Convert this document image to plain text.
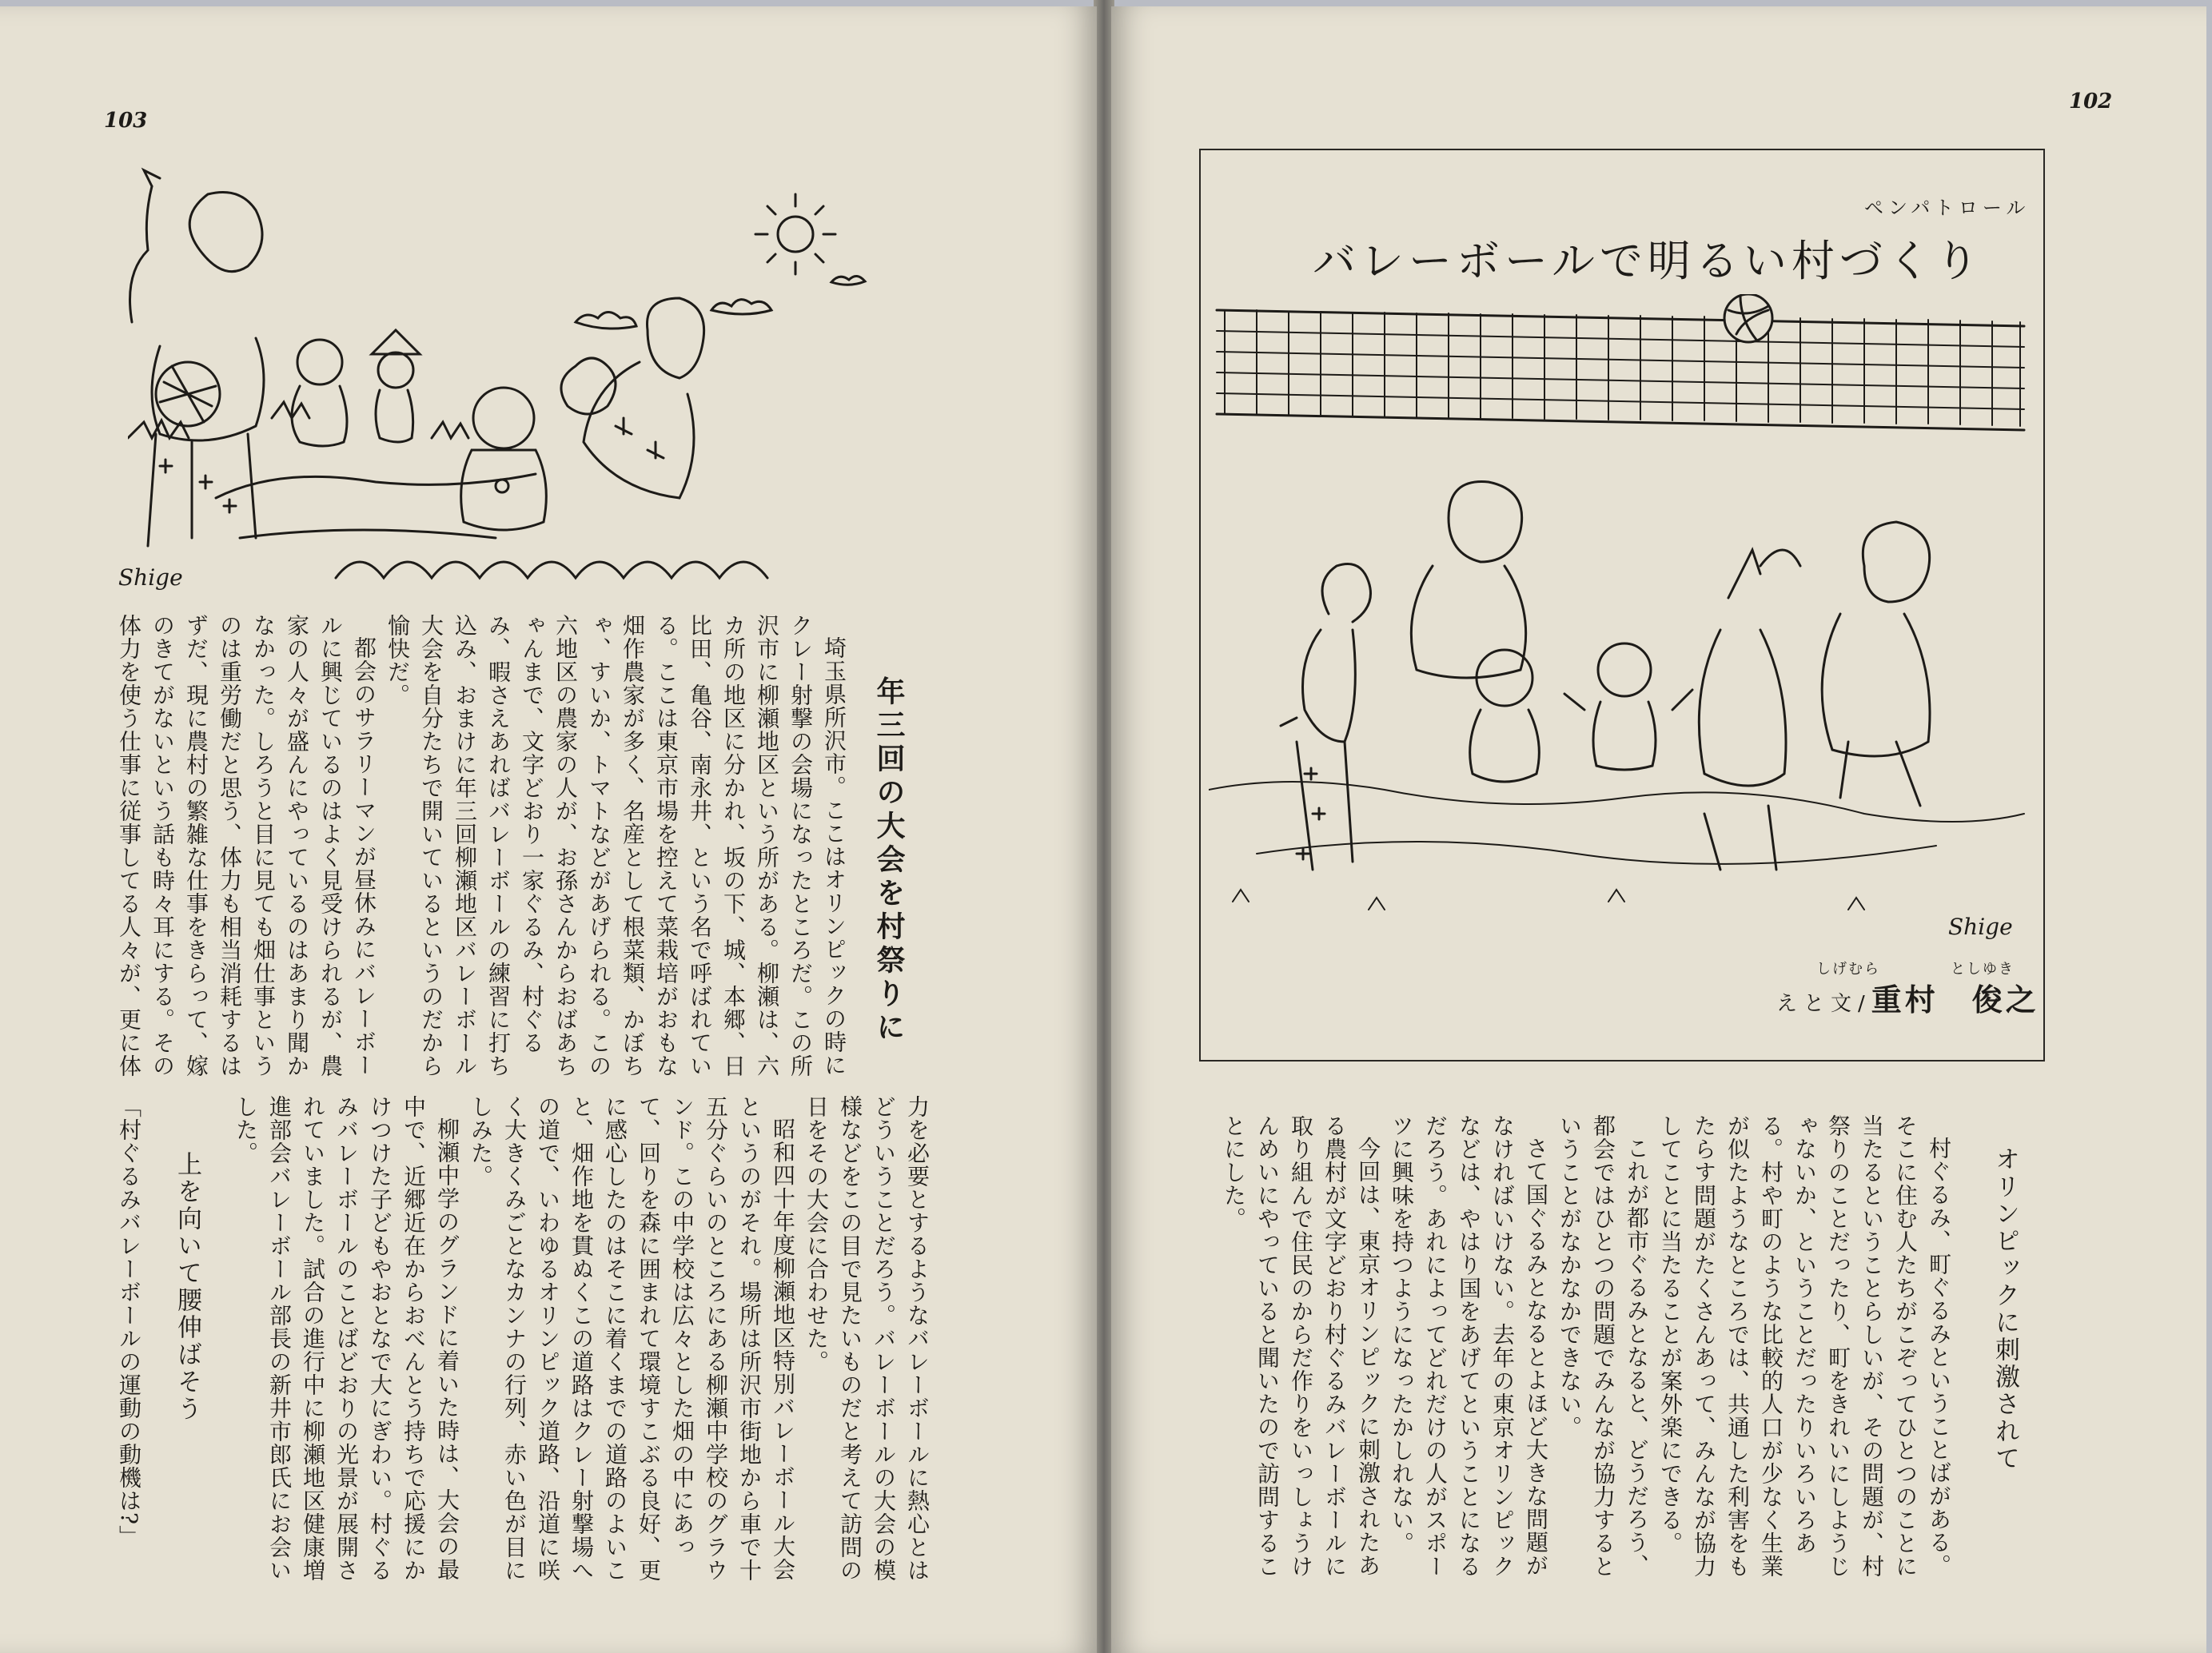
103
Shige
年三回の大会を村祭りに

埼玉県所沢市。ここはオリンピックの時にクレー射撃の会場になったところだ。この所沢市に柳瀬地区という所がある。柳瀬は、六カ所の地区に分かれ、坂の下、城、本郷、日比田、亀谷、南永井、という名で呼ばれている。ここは東京市場を控えて菜栽培がおもな畑作農家が多く、名産として根菜類、かぼちゃ、すいか、トマトなどがあげられる。この六地区の農家の人が、お孫さんからおばあちゃんまで、文字どおり一家ぐるみ、村ぐるみ、暇さえあればバレーボールの練習に打ち込み、おまけに年三回柳瀬地区バレーボール大会を自分たちで開いているというのだから愉快だ。

都会のサラリーマンが昼休みにバレーボールに興じているのはよく見受けられるが、農家の人々が盛んにやっているのはあまり聞かなかった。しろうと目に見ても畑仕事というのは重労働だと思う、体力も相当消耗するはずだ、現に農村の繁雑な仕事をきらって、嫁のきてがないという話も時々耳にする。その体力を使う仕事に従事してる人々が、更に体

力を必要とするようなバレーボールに熱心とはどういうことだろう。バレーボールの大会の模様などをこの目で見たいものだと考えて訪問の日をその大会に合わせた。

昭和四十年度柳瀬地区特別バレーボール大会というのがそれ。場所は所沢市街地から車で十五分ぐらいのところにある柳瀬中学校のグラウンド。この中学校は広々とした畑の中にあって、回りを森に囲まれて環境すこぶる良好、更に感心したのはそこに着くまでの道路のよいこと、畑作地を貫ぬくこの道路はクレー射撃場への道で、いわゆるオリンピック道路、沿道に咲く大きくみごとなカンナの行列、赤い色が目にしみた。

柳瀬中学のグランドに着いた時は、大会の最中で、近郷近在からおべんとう持ちで応援にかけつけた子どもやおとなで大にぎわい。村ぐるみバレーボールのことばどおりの光景が展開されていました。試合の進行中に柳瀬地区健康増進部会バレーボール部長の新井市郎氏にお会いした。

上を向いて腰伸ばそう

「村ぐるみバレーボールの運動の動機は?」

102
ペンパトロール
バレーボールで明るい村づくり
Shige
しげむら	としゆき
えと文/重村　俊之
オリンピックに刺激されて

村ぐるみ、町ぐるみということばがある。そこに住む人たちがこぞってひとつのことに当たるということらしいが、その問題が、村祭りのことだったり、町をきれいにしようじゃないか、ということだったりいろいろある。村や町のような比較的人口が少なく生業が似たようなところでは、共通した利害をもたらす問題がたくさんあって、みんなが協力してことに当たることが案外楽にできる。

これが都市ぐるみとなると、どうだろう、都会ではひとつの問題でみんなが協力するということがなかなかできない。

さて国ぐるみとなるとよほど大きな問題がなければいけない。去年の東京オリンピックなどは、やはり国をあげてということになるだろう。あれによってどれだけの人がスポーツに興味を持つようになったかしれない。

今回は、東京オリンピックに刺激されたある農村が文字どおり村ぐるみバレーボールに取り組んで住民のからだ作りをいっしょうけんめいにやっていると聞いたので訪問することにした。
